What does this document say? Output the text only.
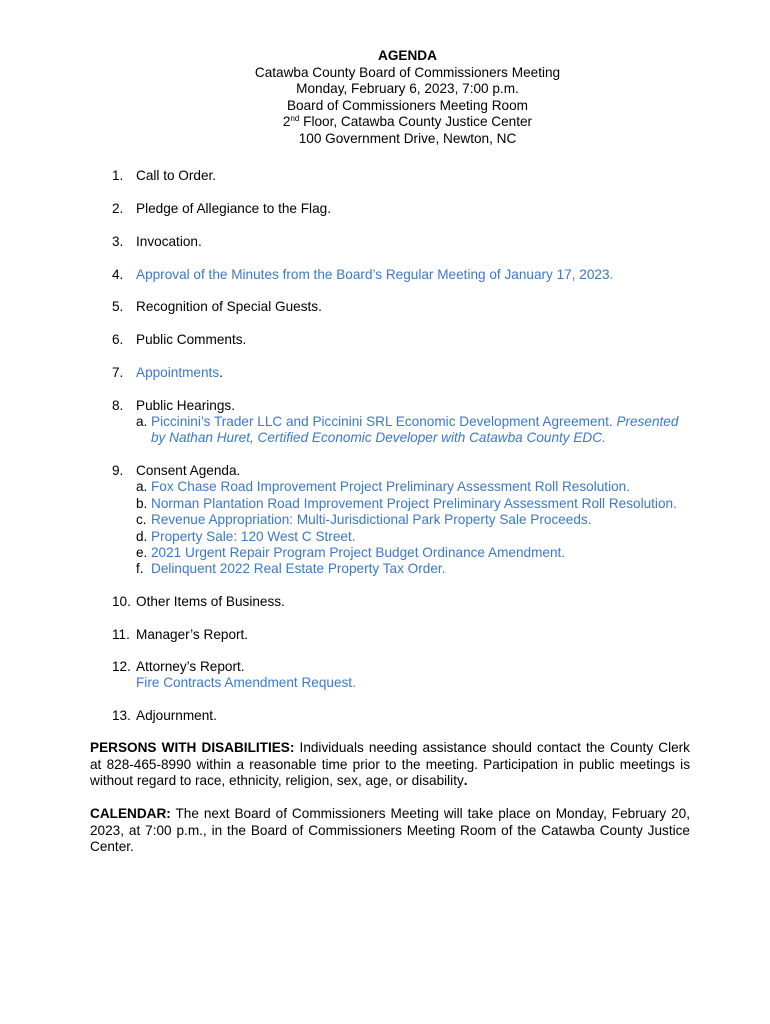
AGENDA
Catawba County Board of Commissioners Meeting
Monday, February 6, 2023, 7:00 p.m.
Board of Commissioners Meeting Room
2nd Floor, Catawba County Justice Center
100 Government Drive, Newton, NC
1. Call to Order.
2. Pledge of Allegiance to the Flag.
3. Invocation.
4. Approval of the Minutes from the Board’s Regular Meeting of January 17, 2023.
5. Recognition of Special Guests.
6. Public Comments.
7. Appointments.
8. Public Hearings.
a. Piccinini’s Trader LLC and Piccinini SRL Economic Development Agreement. Presented
by Nathan Huret, Certified Economic Developer with Catawba County EDC.
9. Consent Agenda.
a. Fox Chase Road Improvement Project Preliminary Assessment Roll Resolution.
b. Norman Plantation Road Improvement Project Preliminary Assessment Roll Resolution.
c. Revenue Appropriation: Multi-Jurisdictional Park Property Sale Proceeds.
d. Property Sale: 120 West C Street.
e. 2021 Urgent Repair Program Project Budget Ordinance Amendment.
f. Delinquent 2022 Real Estate Property Tax Order.
10. Other Items of Business.
11. Manager’s Report.
12. Attorney’s Report.
Fire Contracts Amendment Request.
13. Adjournment.
PERSONS WITH DISABILITIES: Individuals needing assistance should contact the County Clerk at 828-465-8990 within a reasonable time prior to the meeting. Participation in public meetings is without regard to race, ethnicity, religion, sex, age, or disability.
CALENDAR: The next Board of Commissioners Meeting will take place on Monday, February 20, 2023, at 7:00 p.m., in the Board of Commissioners Meeting Room of the Catawba County Justice Center.
